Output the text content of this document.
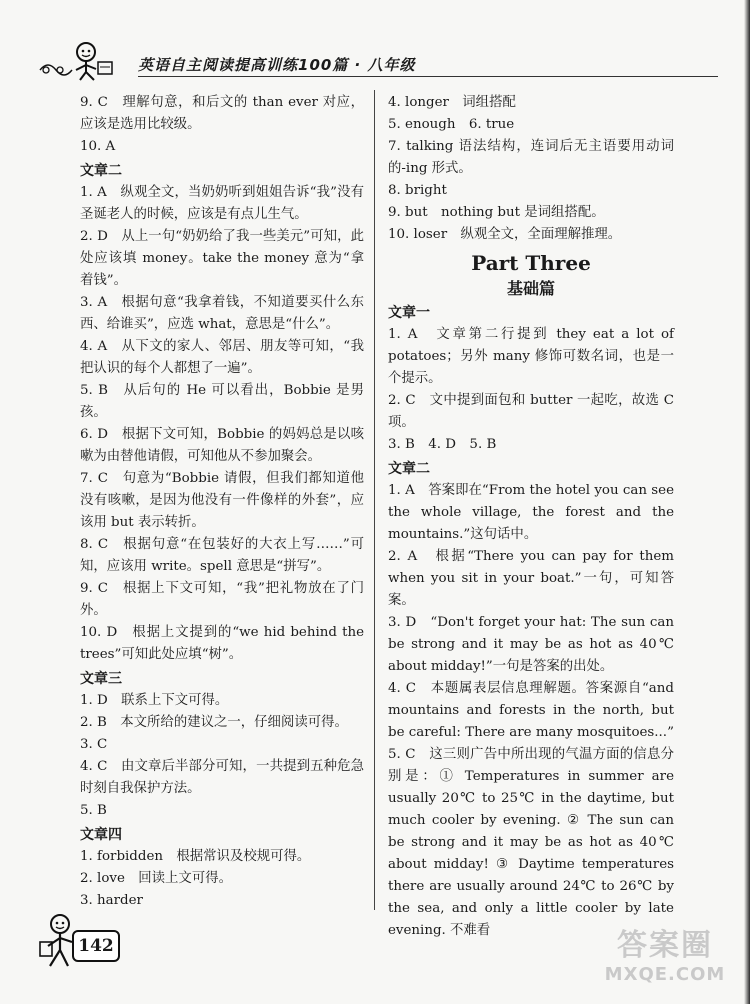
英语自主阅读提高训练100篇 · 八年级
9. C　理解句意，和后文的 than ever 对应，应该是选用比较级。
10. A
文章二
1. A　纵观全文，当奶奶听到姐姐告诉“我”没有圣诞老人的时候，应该是有点儿生气。
2. D　从上一句“奶奶给了我一些美元”可知，此处应该填 money。take the money 意为“拿着钱”。
3. A　根据句意“我拿着钱，不知道要买什么东西、给谁买”，应选 what，意思是“什么”。
4. A　从下文的家人、邻居、朋友等可知，“我把认识的每个人都想了一遍”。
5. B　从后句的 He 可以看出，Bobbie 是男孩。
6. D　根据下文可知，Bobbie 的妈妈总是以咳嗽为由替他请假，可知他从不参加聚会。
7. C　句意为“Bobbie 请假，但我们都知道他没有咳嗽，是因为他没有一件像样的外套”，应该用 but 表示转折。
8. C　根据句意“在包装好的大衣上写……”可知，应该用 write。spell 意思是“拼写”。
9. C　根据上下文可知，“我”把礼物放在了门外。
10. D　根据上文提到的“we hid behind the trees”可知此处应填“树”。
文章三
1. D　联系上下文可得。
2. B　本文所给的建议之一，仔细阅读可得。
3. C
4. C　由文章后半部分可知，一共提到五种危急时刻自我保护方法。
5. B
文章四
1. forbidden　根据常识及校规可得。
2. love　回读上文可得。
3. harder
4. longer　词组搭配
5. enough　6. true
7. talking 语法结构，连词后无主语要用动词的-ing 形式。
8. bright
9. but　nothing but 是词组搭配。
10. loser　纵观全文，全面理解推理。
Part Three
基础篇
文章一
1. A　文章第二行提到 they eat a lot of potatoes；另外 many 修饰可数名词，也是一个提示。
2. C　文中提到面包和 butter 一起吃，故选 C 项。
3. B　4. D　5. B
文章二
1. A　答案即在“From the hotel you can see the whole village, the forest and the mountains.”这句话中。
2. A　根据“There you can pay for them when you sit in your boat.”一句，可知答案。
3. D　“Don't forget your hat: The sun can be strong and it may be as hot as 40℃ about midday!”一句是答案的出处。
4. C　本题属表层信息理解题。答案源自“and mountains and forests in the north, but be careful: There are many mosquitoes...”
5. C　这三则广告中所出现的气温方面的信息分别是：① Temperatures in summer are usually 20℃ to 25℃ in the daytime, but much cooler by evening. ② The sun can be strong and it may be as hot as 40℃ about midday! ③ Daytime temperatures there are usually around 24℃ to 26℃ by the sea, and only a little cooler by late evening. 不难看
142	答案圈
MXQE.COM
